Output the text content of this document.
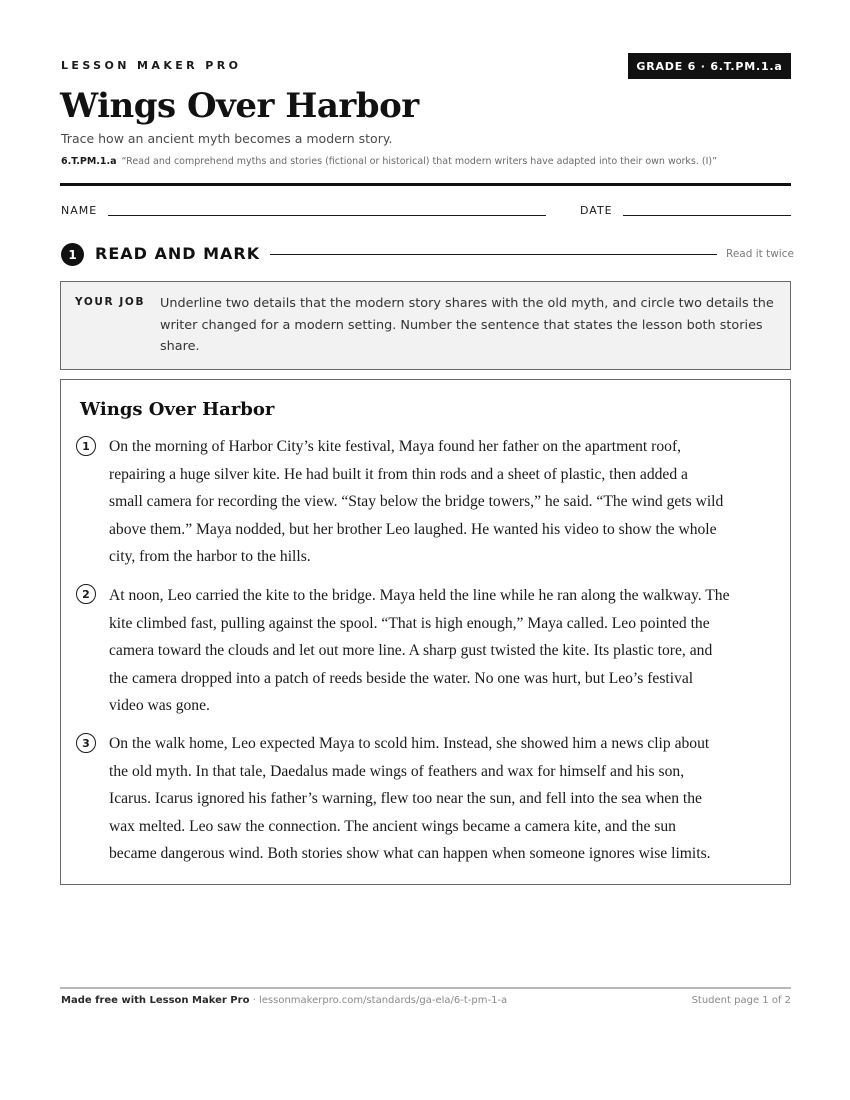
LESSON MAKER PRO	GRADE 6 · 6.T.PM.1.a
Wings Over Harbor
Trace how an ancient myth becomes a modern story.
6.T.PM.1.a “Read and comprehend myths and stories (fictional or historical) that modern writers have adapted into their own works. (I)”
NAME	DATE
1	READ AND MARK	Read it twice
YOUR JOB Underline two details that the modern story shares with the old myth, and circle two details the writer changed for a modern setting. Number the sentence that states the lesson both stories share.
Wings Over Harbor
1	On the morning of Harbor City’s kite festival, Maya found her father on the apartment roof,
repairing a huge silver kite. He had built it from thin rods and a sheet of plastic, then added a
small camera for recording the view. “Stay below the bridge towers,” he said. “The wind gets wild
above them.” Maya nodded, but her brother Leo laughed. He wanted his video to show the whole
city, from the harbor to the hills.
2	At noon, Leo carried the kite to the bridge. Maya held the line while he ran along the walkway. The
kite climbed fast, pulling against the spool. “That is high enough,” Maya called. Leo pointed the
camera toward the clouds and let out more line. A sharp gust twisted the kite. Its plastic tore, and
the camera dropped into a patch of reeds beside the water. No one was hurt, but Leo’s festival
video was gone.
3	On the walk home, Leo expected Maya to scold him. Instead, she showed him a news clip about
the old myth. In that tale, Daedalus made wings of feathers and wax for himself and his son,
Icarus. Icarus ignored his father’s warning, flew too near the sun, and fell into the sea when the
wax melted. Leo saw the connection. The ancient wings became a camera kite, and the sun
became dangerous wind. Both stories show what can happen when someone ignores wise limits.
Made free with Lesson Maker Pro · lessonmakerpro.com/standards/ga-ela/6-t-pm-1-a	Student page 1 of 2
